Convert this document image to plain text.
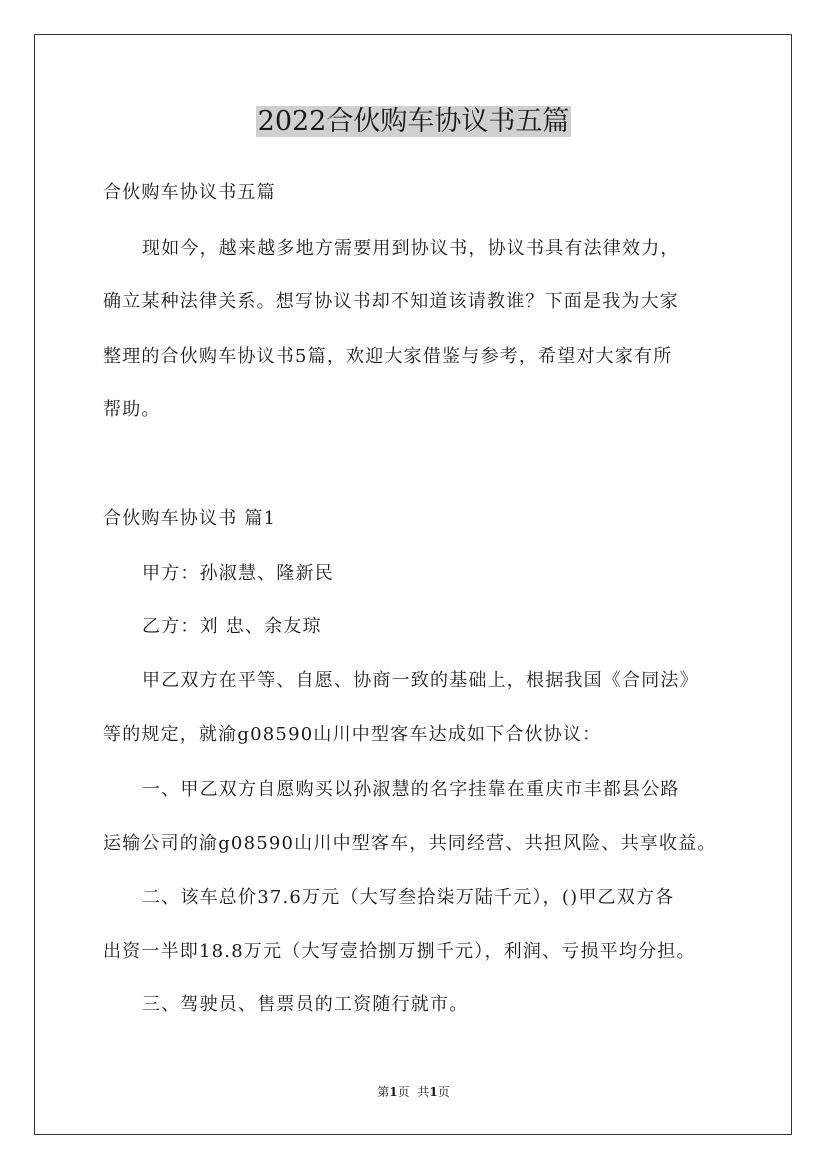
2022合伙购车协议书五篇
合伙购车协议书五篇
现如今，越来越多地方需要用到协议书，协议书具有法律效力，
确立某种法律关系。想写协议书却不知道该请教谁？下面是我为大家
整理的合伙购车协议书5篇，欢迎大家借鉴与参考，希望对大家有所
帮助。
合伙购车协议书 篇1
甲方：孙淑慧、隆新民
乙方：刘 忠、余友琼
甲乙双方在平等、自愿、协商一致的基础上，根据我国《合同法》
等的规定，就渝g08590山川中型客车达成如下合伙协议：
一、甲乙双方自愿购买以孙淑慧的名字挂靠在重庆市丰都县公路
运输公司的渝g08590山川中型客车，共同经营、共担风险、共享收益。
二、该车总价37.6万元（大写叁拾柒万陆千元），()甲乙双方各
出资一半即18.8万元（大写壹拾捌万捌千元），利润、亏损平均分担。
三、驾驶员、售票员的工资随行就市。
第1页 共1页
